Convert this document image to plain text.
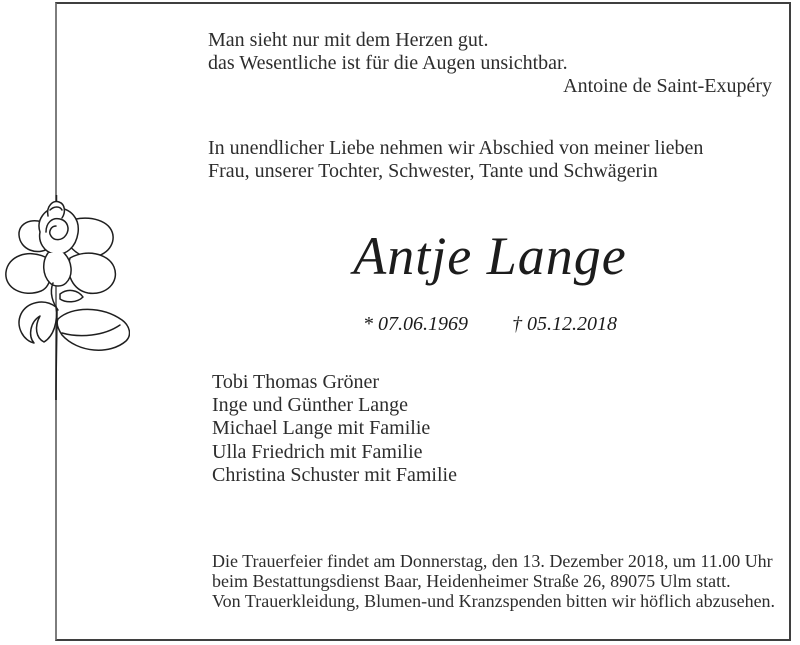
Man sieht nur mit dem Herzen gut.
das Wesentliche ist für die Augen unsichtbar.
Antoine de Saint-Exupéry
In unendlicher Liebe nehmen wir Abschied von meiner lieben
Frau, unserer Tochter, Schwester, Tante und Schwägerin
Antje Lange
* 07.06.1969 † 05.12.2018
Tobi Thomas Gröner
Inge und Günther Lange
Michael Lange mit Familie
Ulla Friedrich mit Familie
Christina Schuster mit Familie
Die Trauerfeier findet am Donnerstag, den 13. Dezember 2018, um 11.00 Uhr
beim Bestattungsdienst Baar, Heidenheimer Straße 26, 89075 Ulm statt.
Von Trauerkleidung, Blumen-und Kranzspenden bitten wir höflich abzusehen.
